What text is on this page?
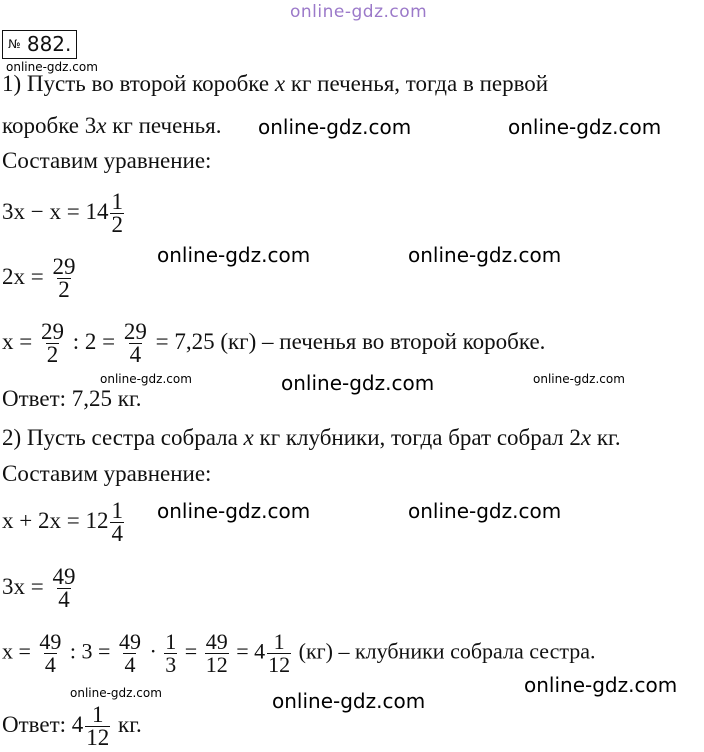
online-gdz.com
№ 882.
online-gdz.com
1) Пусть во второй коробке x кг печенья, тогда в первой
коробке 3x кг печенья. online-gdz.com	online-gdz.com
Составим уравнение:
$3x - x = 14 \frac{1}{2}$
online-gdz.com	online-gdz.com
$2x = \frac{29}{2}$
$x = \frac{29}{2}$ : $2 = \frac{29}{4} = 7,25$ (кг) – печенья во второй коробке.
online-gdz.com	online-gdz.com	online-gdz.com
Ответ: 7,25 кг.
2) Пусть сестра собрала x кг клубники, тогда брат собрал 2x кг.
Составим уравнение:
online-gdz.com	online-gdz.com
$x + 2x = 12 \frac{1}{4}$
$3x = \frac{49}{4}$
$x = \frac{49}{4}$ : $3 = \frac{49}{4} \cdot \frac{1}{3} = \frac{49}{12} = 4 \frac{1}{12} (кг)$ – клубники собрала сестра.
online-gdz.com
online-gdz.com	online-gdz.com
Ответ: $4 \frac{1}{12}$ кг.
